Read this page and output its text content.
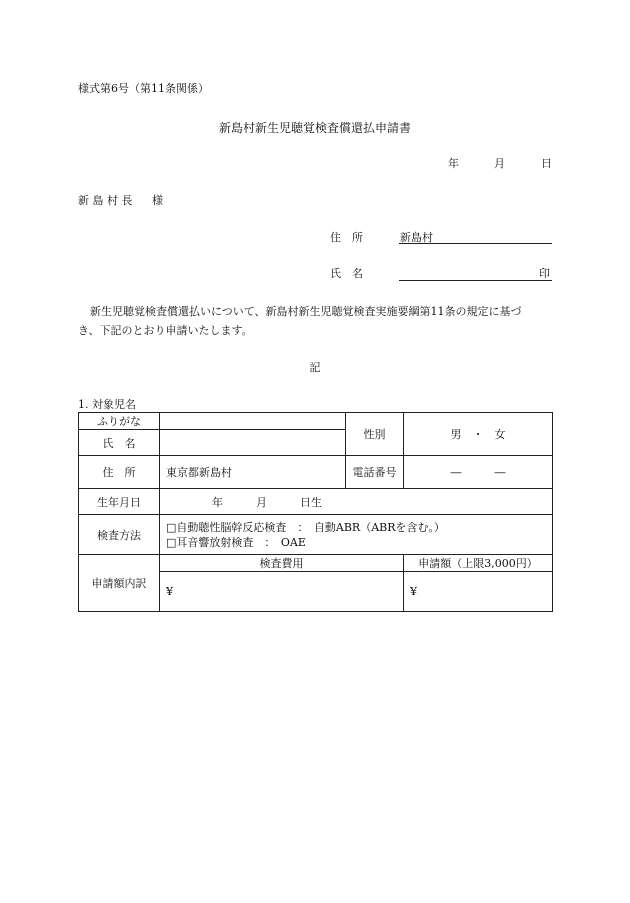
様式第6号（第11条関係）
新島村新生児聴覚検査償還払申請書
年	月	日
新 島 村 長 様
住　所	新島村
氏　名	印
新生児聴覚検査償還払いについて、新島村新生児聴覚検査実施要綱第11条の規定に基づ
き、下記のとおり申請いたします。
記
1. 対象児名
ふりがな		性別	男　・　女
氏　名			
住　所	東京都新島村	電話番号	―　　　―
生年月日	年　　　月　　　日生		
検査方法	□自動聴性脳幹反応検査　：　自動ABR（ABRを含む。）
□耳音響放射検査　：　OAE		

申請額内訳	検査費用		申請額（上限3,000円）
	¥		¥
